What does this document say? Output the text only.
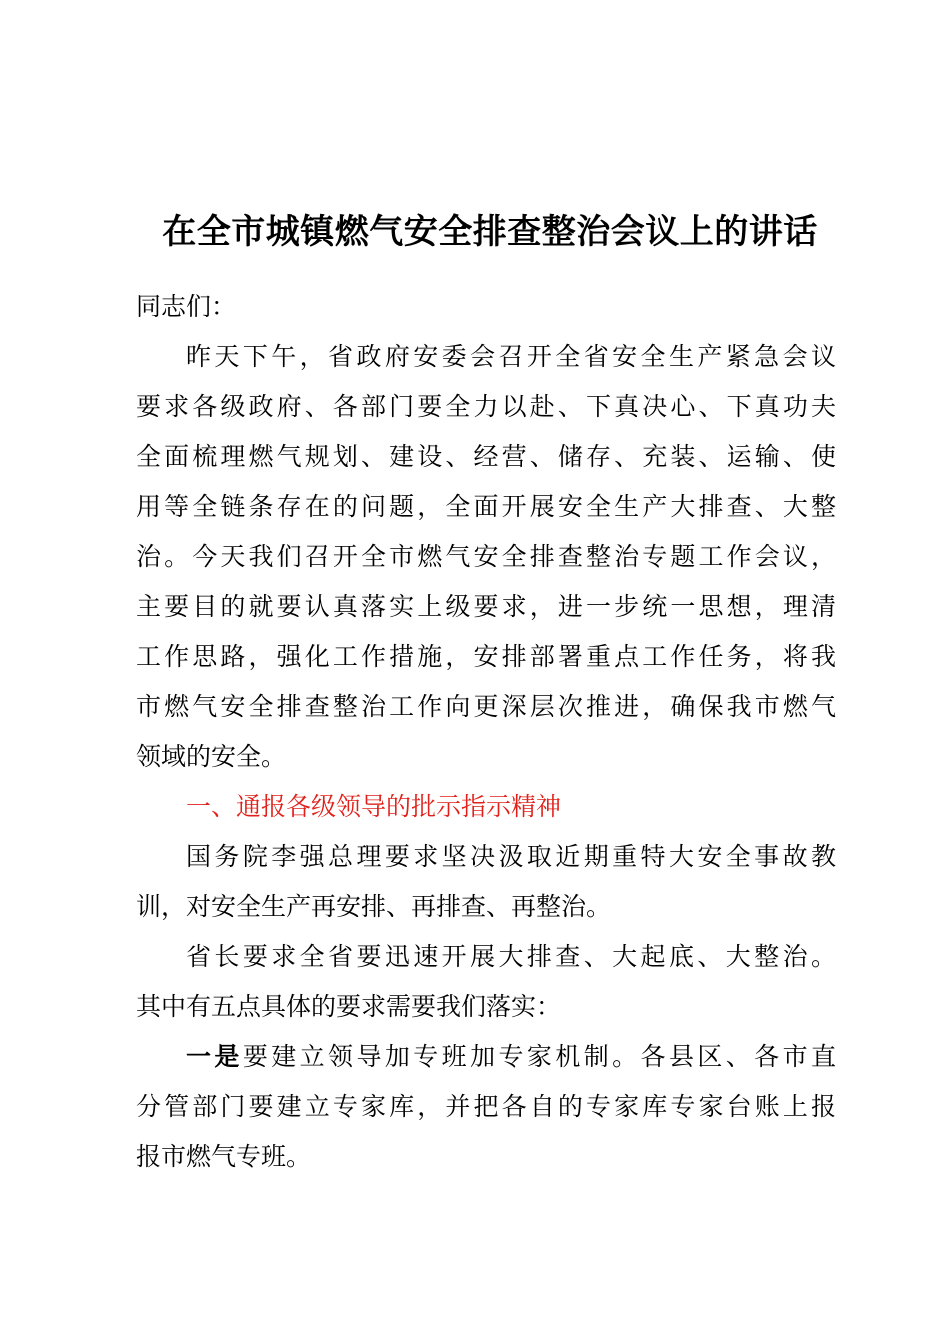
在全市城镇燃气安全排查整治会议上的讲话

同志们：

昨天下午，省政府安委会召开全省安全生产紧急会议

要求各级政府、各部门要全力以赴、下真决心、下真功夫

全面梳理燃气规划、建设、经营、储存、充装、运输、使

用等全链条存在的问题，全面开展安全生产大排查、大整

治。今天我们召开全市燃气安全排查整治专题工作会议，

主要目的就要认真落实上级要求，进一步统一思想，理清

工作思路，强化工作措施，安排部署重点工作任务，将我

市燃气安全排查整治工作向更深层次推进，确保我市燃气

领域的安全。

一、通报各级领导的批示指示精神

国务院李强总理要求坚决汲取近期重特大安全事故教

训，对安全生产再安排、再排查、再整治。

省长要求全省要迅速开展大排查、大起底、大整治。

其中有五点具体的要求需要我们落实：

一是要建立领导加专班加专家机制。各县区、各市直

分管部门要建立专家库，并把各自的专家库专家台账上报

报市燃气专班。
